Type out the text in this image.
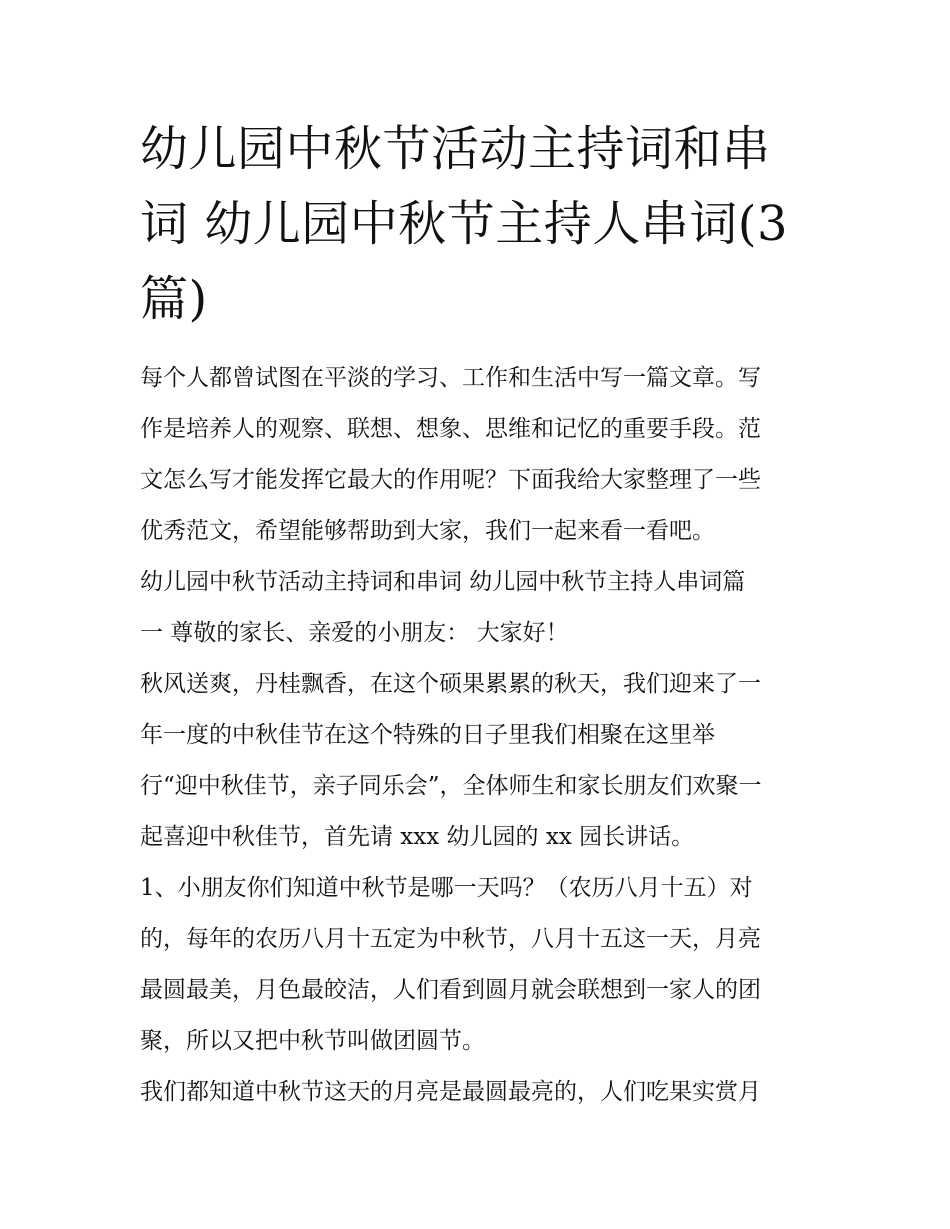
幼儿园中秋节活动主持词和串
词 幼儿园中秋节主持人串词(3
篇)

每个人都曾试图在平淡的学习、工作和生活中写一篇文章。写
作是培养人的观察、联想、想象、思维和记忆的重要手段。范
文怎么写才能发挥它最大的作用呢？下面我给大家整理了一些
优秀范文，希望能够帮助到大家，我们一起来看一看吧。

幼儿园中秋节活动主持词和串词 幼儿园中秋节主持人串词篇
一 尊敬的家长、亲爱的小朋友： 大家好！

秋风送爽，丹桂飘香，在这个硕果累累的秋天，我们迎来了一
年一度的中秋佳节在这个特殊的日子里我们相聚在这里举
行“迎中秋佳节，亲子同乐会”，全体师生和家长朋友们欢聚一
起喜迎中秋佳节，首先请 xxx 幼儿园的 xx 园长讲话。

1、小朋友你们知道中秋节是哪一天吗？（农历八月十五）对
的，每年的农历八月十五定为中秋节，八月十五这一天，月亮
最圆最美，月色最皎洁，人们看到圆月就会联想到一家人的团
聚，所以又把中秋节叫做团圆节。

我们都知道中秋节这天的月亮是最圆最亮的，人们吃果实赏月
